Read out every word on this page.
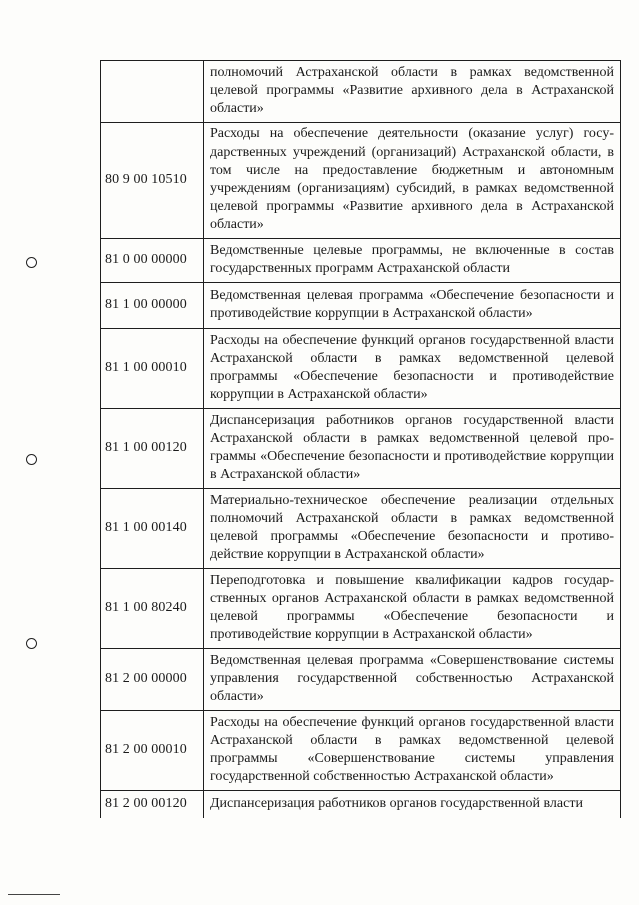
	полномочий Астраханской области в рамках ведомственной целевой программы «Развитие архивного дела в Астраханской области»
80 9 00 10510	Расходы на обеспечение деятельности (оказание услуг) государственных учреждений (организаций) Астраханской области, в том числе на предоставление бюджетным и автономным учреждениям (организациям) субсидий, в рамках ведомственной целевой программы «Развитие архивного дела в Астраханской области»
81 0 00 00000	Ведомственные целевые программы, не включенные в состав государственных программ Астраханской области
81 1 00 00000	Ведомственная целевая программа «Обеспечение безопасности и противодействие коррупции в Астраханской области»
81 1 00 00010	Расходы на обеспечение функций органов государственной власти Астраханской области в рамках ведомственной целевой программы «Обеспечение безопасности и противодействие коррупции в Астраханской области»
81 1 00 00120	Диспансеризация работников органов государственной власти Астраханской области в рамках ведомственной целевой программы «Обеспечение безопасности и противодействие коррупции в Астраханской области»
81 1 00 00140	Материально-техническое обеспечение реализации отдельных полномочий Астраханской области в рамках ведомственной целевой программы «Обеспечение безопасности и противодействие коррупции в Астраханской области»
81 1 00 80240	Переподготовка и повышение квалификации кадров государственных органов Астраханской области в рамках ведомственной целевой программы «Обеспечение безопасности и противодействие коррупции в Астраханской области»
81 2 00 00000	Ведомственная целевая программа «Совершенствование системы управления государственной собственностью Астраханской области»
81 2 00 00010	Расходы на обеспечение функций органов государственной власти Астраханской области в рамках ведомственной целевой программы «Совершенствование системы управления государственной собственностью Астраханской области»
81 2 00 00120	Диспансеризация работников органов государственной власти
